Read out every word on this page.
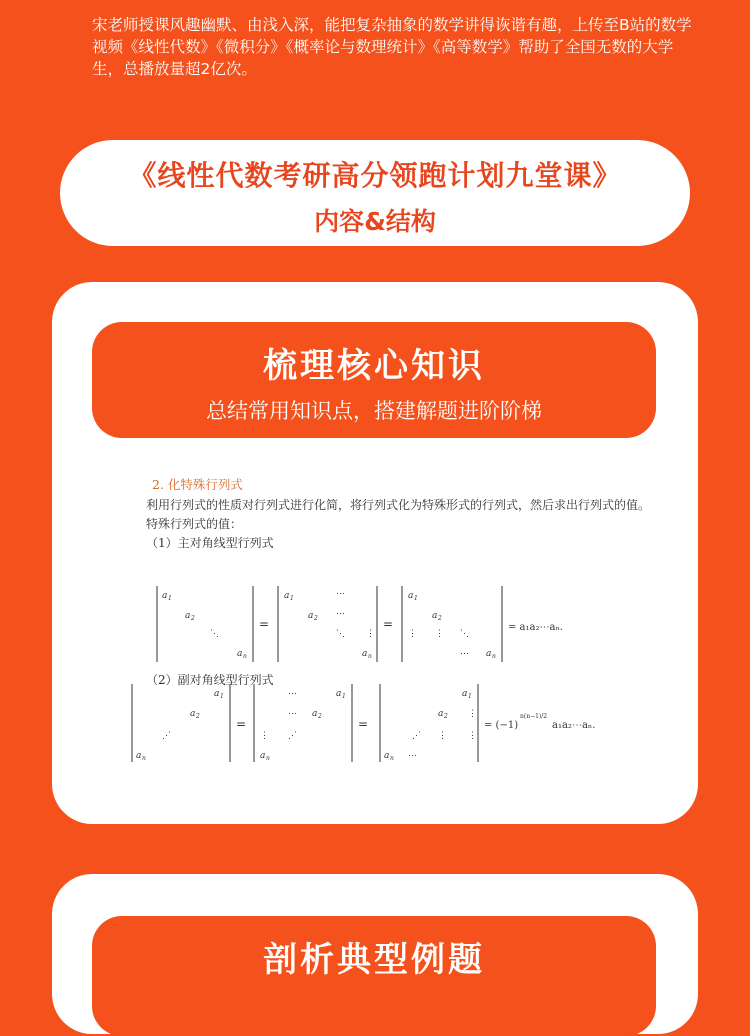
宋老师授课风趣幽默、由浅入深，能把复杂抽象的数学讲得诙谐有趣，上传至B站的数学视频《线性代数》《微积分》《概率论与数理统计》《高等数学》帮助了全国无数的大学生，总播放量超2亿次。
《线性代数考研高分领跑计划九堂课》
内容&结构
梳理核心知识
总结常用知识点，搭建解题进阶阶梯
2. 化特殊行列式
利用行列式的性质对行列式进行化简，将行列式化为特殊形式的行列式，然后求出行列式的值。
特殊行列式的值：
（1）主对角线型行列式
a 1
a 2
⋱
a n
=
a 1	⋯
a 2 ⋯
⋱ ⋮
a n
=
a 1
⋮
a 2
⋮ ⋱
⋯ a n
= a₁a₂⋯aₙ.
（2）副对角线型行列式
a 1
a 2
⋰
a n
=
⋯	a 1
⋯ a 2
⋮ ⋰
a n
=
a 1
a 2 ⋮
⋰ ⋮ ⋮
a n ⋯
= (−1)
n(n−1)/2
a₁a₂⋯aₙ.
剖析典型例题
